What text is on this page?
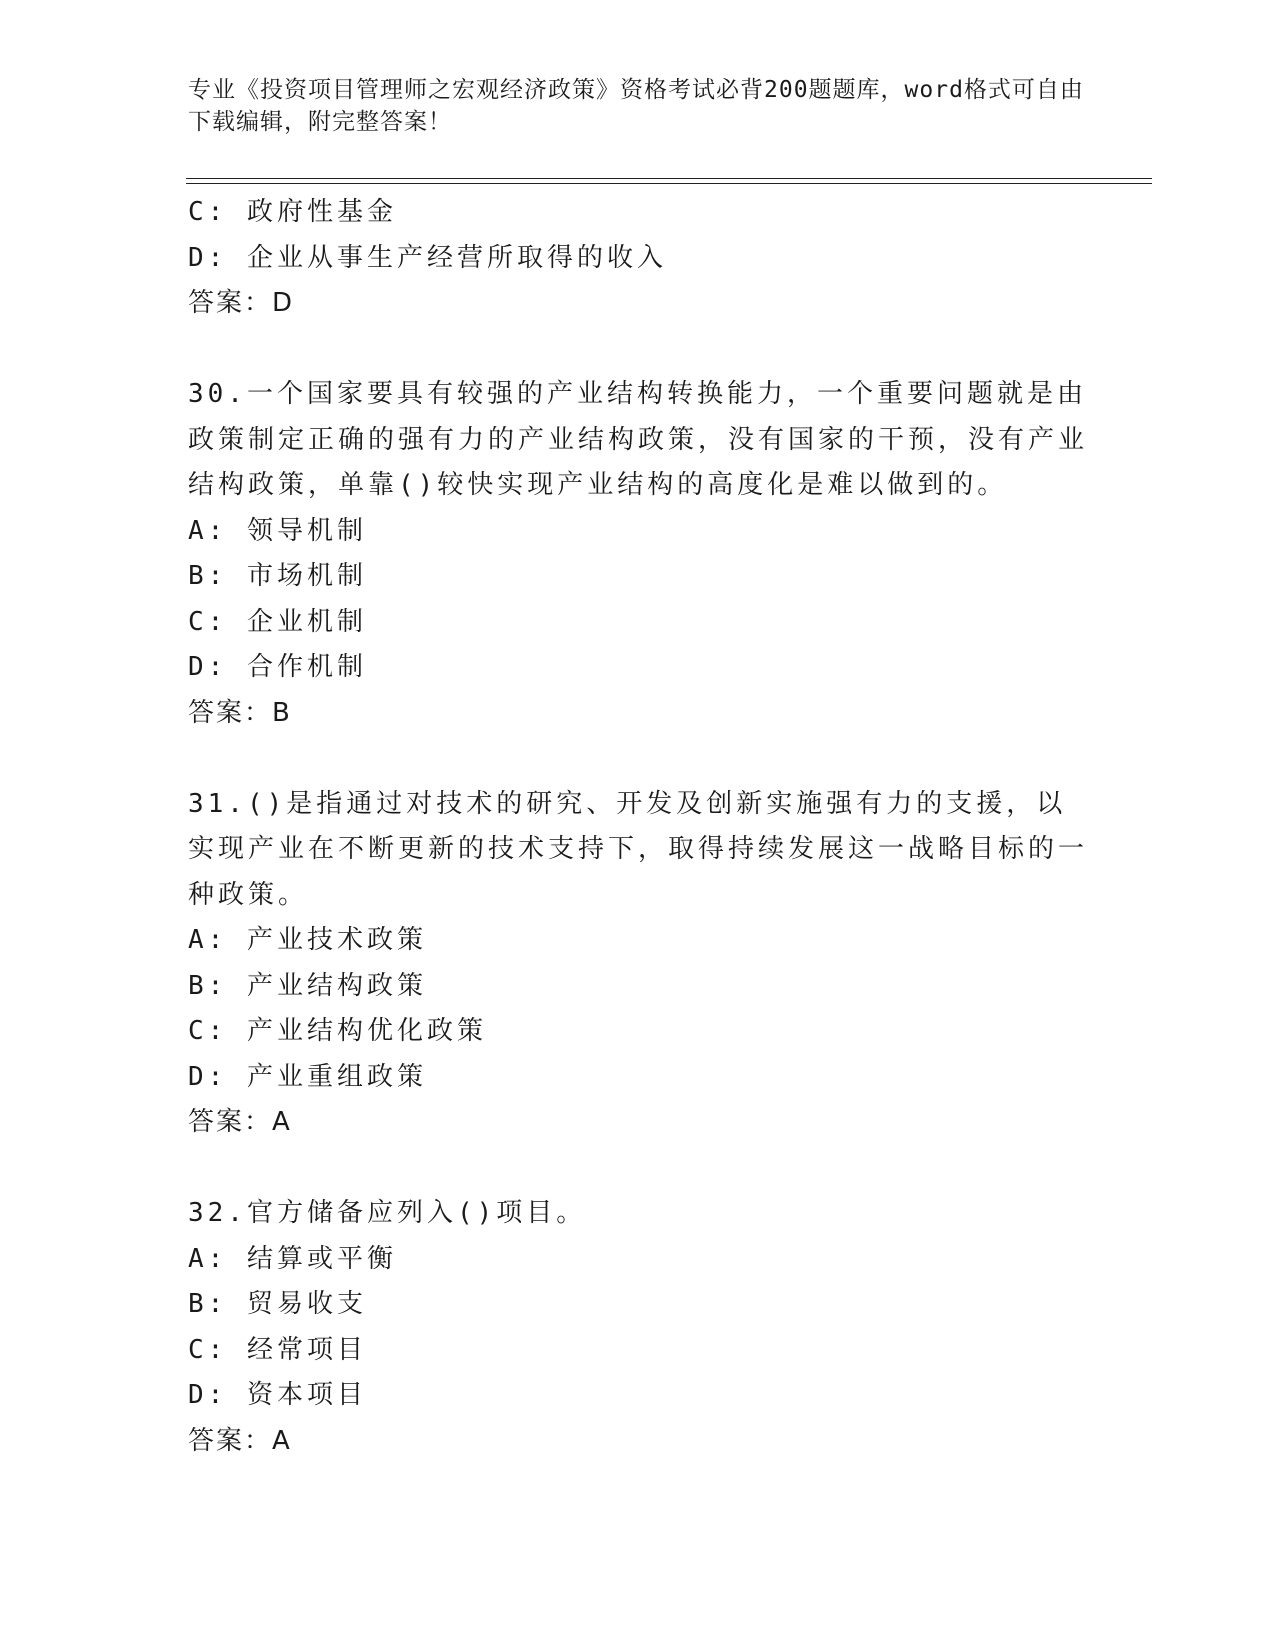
专业《投资项目管理师之宏观经济政策》资格考试必背200题题库，word格式可自由下载编辑，附完整答案！
C: 政府性基金
D: 企业从事生产经营所取得的收入
答案：D
30.一个国家要具有较强的产业结构转换能力，一个重要问题就是由政策制定正确的强有力的产业结构政策，没有国家的干预，没有产业结构政策，单靠()较快实现产业结构的高度化是难以做到的。
A: 领导机制
B: 市场机制
C: 企业机制
D: 合作机制
答案：B
31.()是指通过对技术的研究、开发及创新实施强有力的支援，以实现产业在不断更新的技术支持下，取得持续发展这一战略目标的一种政策。
A: 产业技术政策
B: 产业结构政策
C: 产业结构优化政策
D: 产业重组政策
答案：A
32.官方储备应列入()项目。
A: 结算或平衡
B: 贸易收支
C: 经常项目
D: 资本项目
答案：A
